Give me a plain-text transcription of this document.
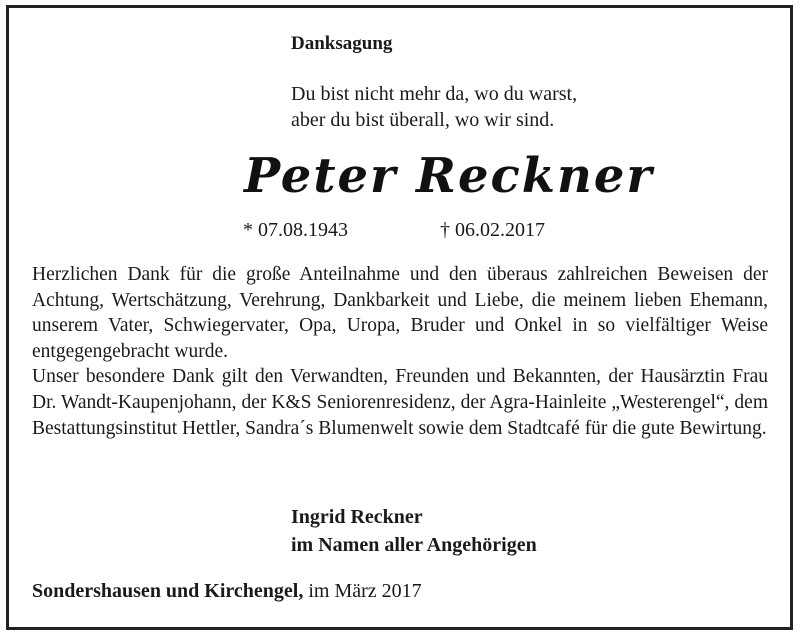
Danksagung
Du bist nicht mehr da, wo du warst,
aber du bist überall, wo wir sind.
Peter Reckner
* 07.08.1943	† 06.02.2017

Herzlichen Dank für die große Anteilnahme und den überaus zahlreichen Beweisen der Achtung, Wertschätzung, Verehrung, Dankbarkeit und Liebe, die meinem lieben Ehemann, unserem Vater, Schwiegervater, Opa, Uropa, Bruder und Onkel in so vielfältiger Weise entgegengebracht wurde.

Unser besondere Dank gilt den Verwandten, Freunden und Bekannten, der Hausärztin Frau Dr. Wandt-Kaupenjohann, der K&S Seniorenresidenz, der Agra-Hainleite „Westerengel“, dem Bestattungsinstitut Hettler, Sandra´s Blumenwelt sowie dem Stadtcafé für die gute Bewirtung.

Ingrid Reckner
im Namen aller Angehörigen
Sondershausen und Kirchengel, im März 2017
